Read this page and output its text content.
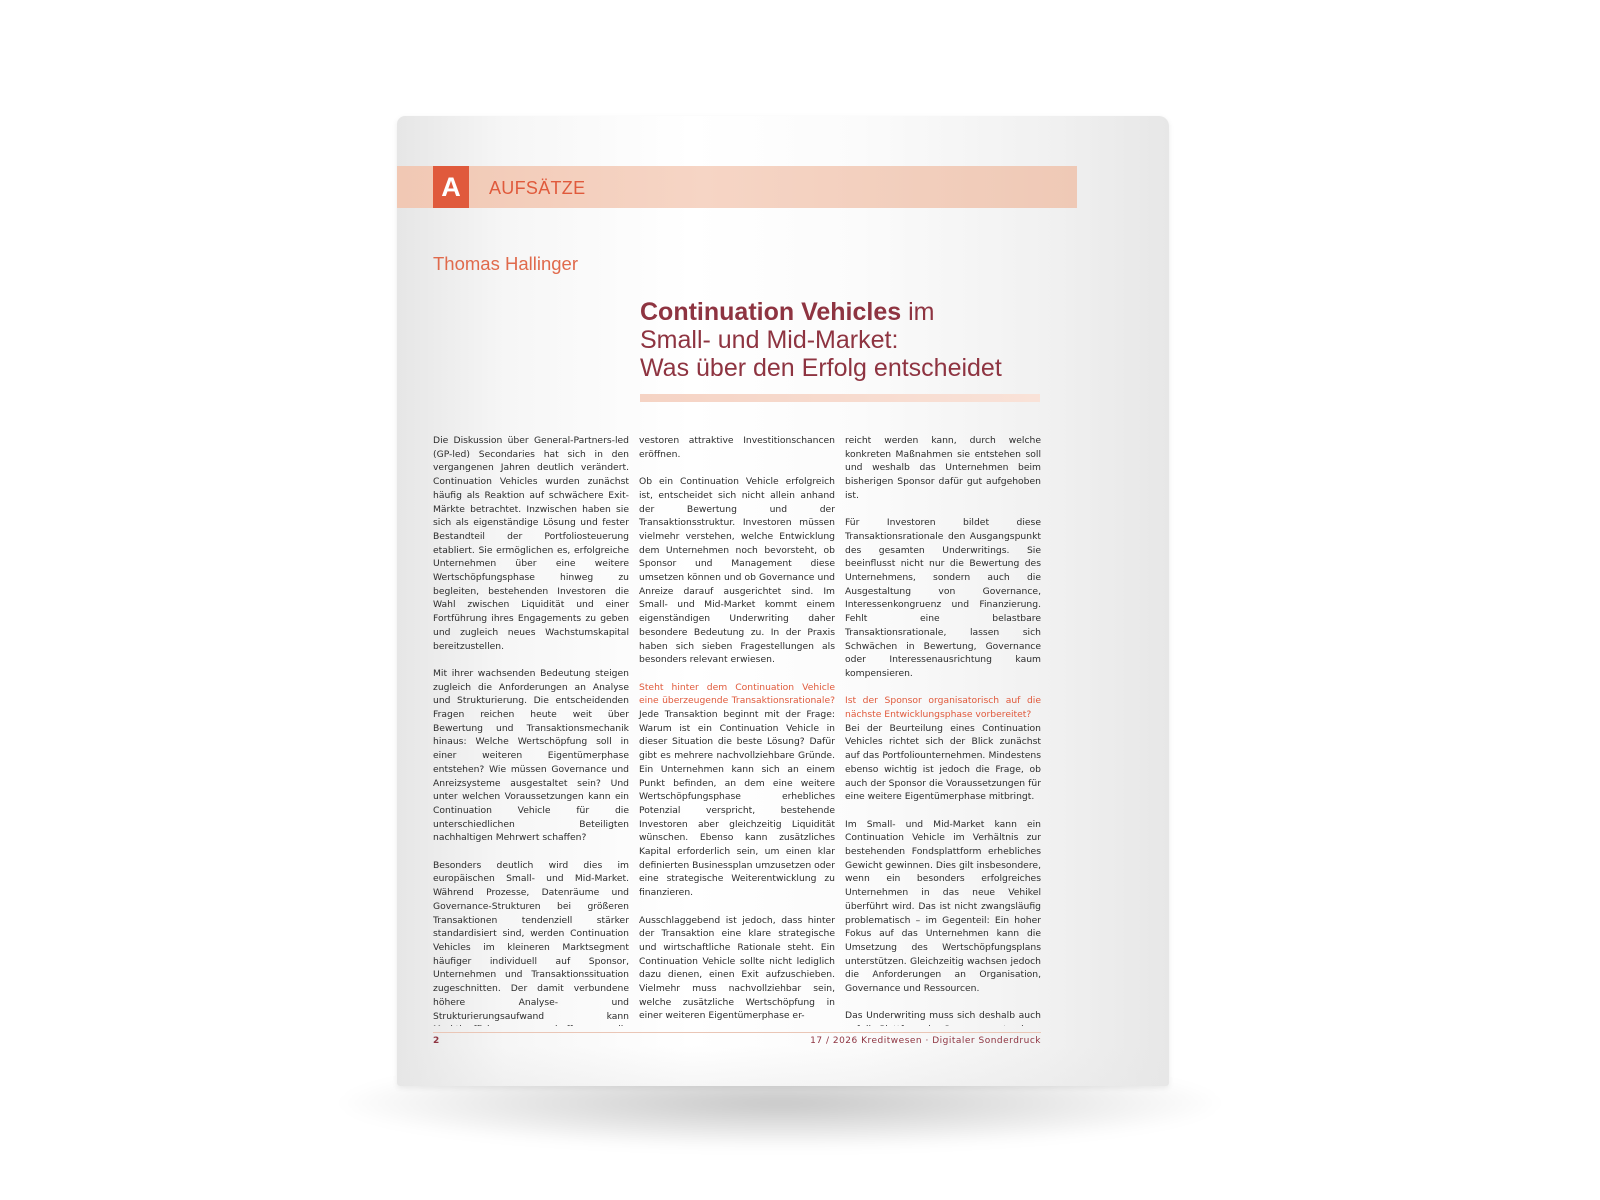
A	AUFSÄTZE
Thomas Hallinger
Continuation Vehicles im
Small- und Mid-Market:
Was über den Erfolg entscheidet

Die Diskussion über General-Partners-led (GP-led) Secondaries hat sich in den vergangenen Jahren deutlich verändert. Continuation Vehicles wurden zunächst häufig als Reaktion auf schwächere Exit-Märkte betrachtet. Inzwischen haben sie sich als eigenständige Lösung und fester Bestandteil der Portfoliosteuerung etabliert. Sie ermöglichen es, erfolgreiche Unternehmen über eine weitere Wertschöpfungsphase hinweg zu begleiten, bestehenden Investoren die Wahl zwischen Liquidität und einer Fortführung ihres Engagements zu geben und zugleich neues Wachstumskapital bereitzustellen.

Mit ihrer wachsenden Bedeutung steigen zugleich die Anforderungen an Analyse und Strukturierung. Die entscheidenden Fragen reichen heute weit über Bewertung und Transaktionsmechanik hinaus: Welche Wertschöpfung soll in einer weiteren Eigentümerphase entstehen? Wie müssen Governance und Anreizsysteme ausgestaltet sein? Und unter welchen Voraussetzungen kann ein Continuation Vehicle für die unterschiedlichen Beteiligten nachhaltigen Mehrwert schaffen?

Besonders deutlich wird dies im europäischen Small- und Mid-Market. Während Prozesse, Datenräume und Governance-Strukturen bei größeren Transaktionen tendenziell stärker standardisiert sind, werden Continuation Vehicles im kleineren Marktsegment häufiger individuell auf Sponsor, Unternehmen und Transaktionssituation zugeschnitten. Der damit verbundene höhere Analyse- und Strukturierungsaufwand kann

vestoren attraktive Investitionschancen eröffnen.

Ob ein Continuation Vehicle erfolgreich ist, entscheidet sich nicht allein anhand der Bewertung und der Transaktionsstruktur. Investoren müssen vielmehr verstehen, welche Entwicklung dem Unternehmen noch bevorsteht, ob Sponsor und Management diese umsetzen können und ob Governance und Anreize darauf ausgerichtet sind. Im Small- und Mid-Market kommt einem eigenständigen Underwriting daher besondere Bedeutung zu. In der Praxis haben sich sieben Fragestellungen als besonders relevant erwiesen.

Steht hinter dem Continuation Vehicle eine überzeugende Transaktionsrationale? Jede Transaktion beginnt mit der Frage: Warum ist ein Continuation Vehicle in dieser Situation die beste Lösung? Dafür gibt es mehrere nachvollziehbare Gründe. Ein Unternehmen kann sich an einem Punkt befinden, an dem eine weitere Wertschöpfungsphase erhebliches Potenzial verspricht, bestehende Investoren aber gleichzeitig Liquidität wünschen. Ebenso kann zusätzliches Kapital erforderlich sein, um einen klar definierten Businessplan umzusetzen oder eine strategische Weiterentwicklung zu finanzieren.

Ausschlaggebend ist jedoch, dass hinter der Transaktion eine klare strategische und wirtschaftliche Rationale steht. Ein Continuation Vehicle sollte nicht lediglich dazu dienen, einen Exit aufzuschieben. Vielmehr muss nachvollziehbar sein, welche zusätzliche Wertschöpfung in einer weiteren Eigentümerphase er-

reicht werden kann, durch welche konkreten Maßnahmen sie entstehen soll und weshalb das Unternehmen beim bisherigen Sponsor dafür gut aufgehoben ist.

Für Investoren bildet diese Transaktionsrationale den Ausgangspunkt des gesamten Underwritings. Sie beeinflusst nicht nur die Bewertung des Unternehmens, sondern auch die Ausgestaltung von Governance, Interessenkongruenz und Finanzierung. Fehlt eine belastbare Transaktionsrationale, lassen sich Schwächen in Bewertung, Governance oder Interessenausrichtung kaum kompensieren.

Ist der Sponsor organisatorisch auf die nächste Entwicklungsphase vorbereitet?

Bei der Beurteilung eines Continuation Vehicles richtet sich der Blick zunächst auf das Portfoliounternehmen. Mindestens ebenso wichtig ist jedoch die Frage, ob auch der Sponsor die Voraussetzungen für eine weitere Eigentümerphase mitbringt.

Im Small- und Mid-Market kann ein Continuation Vehicle im Verhältnis zur bestehenden Fondsplattform erhebliches Gewicht gewinnen. Dies gilt insbesondere, wenn ein besonders erfolgreiches Unternehmen in das neue Vehikel überführt wird. Das ist nicht zwangsläufig problematisch – im Gegenteil: Ein hoher Fokus auf das Unternehmen kann die Umsetzung des Wertschöpfungsplans unterstützen. Gleichzeitig wachsen jedoch die Anforderungen an Organisation, Governance und Ressourcen.

Das Underwriting muss sich deshalb auch

2	17 / 2026 Kreditwesen · Digitaler Sonderdruck
